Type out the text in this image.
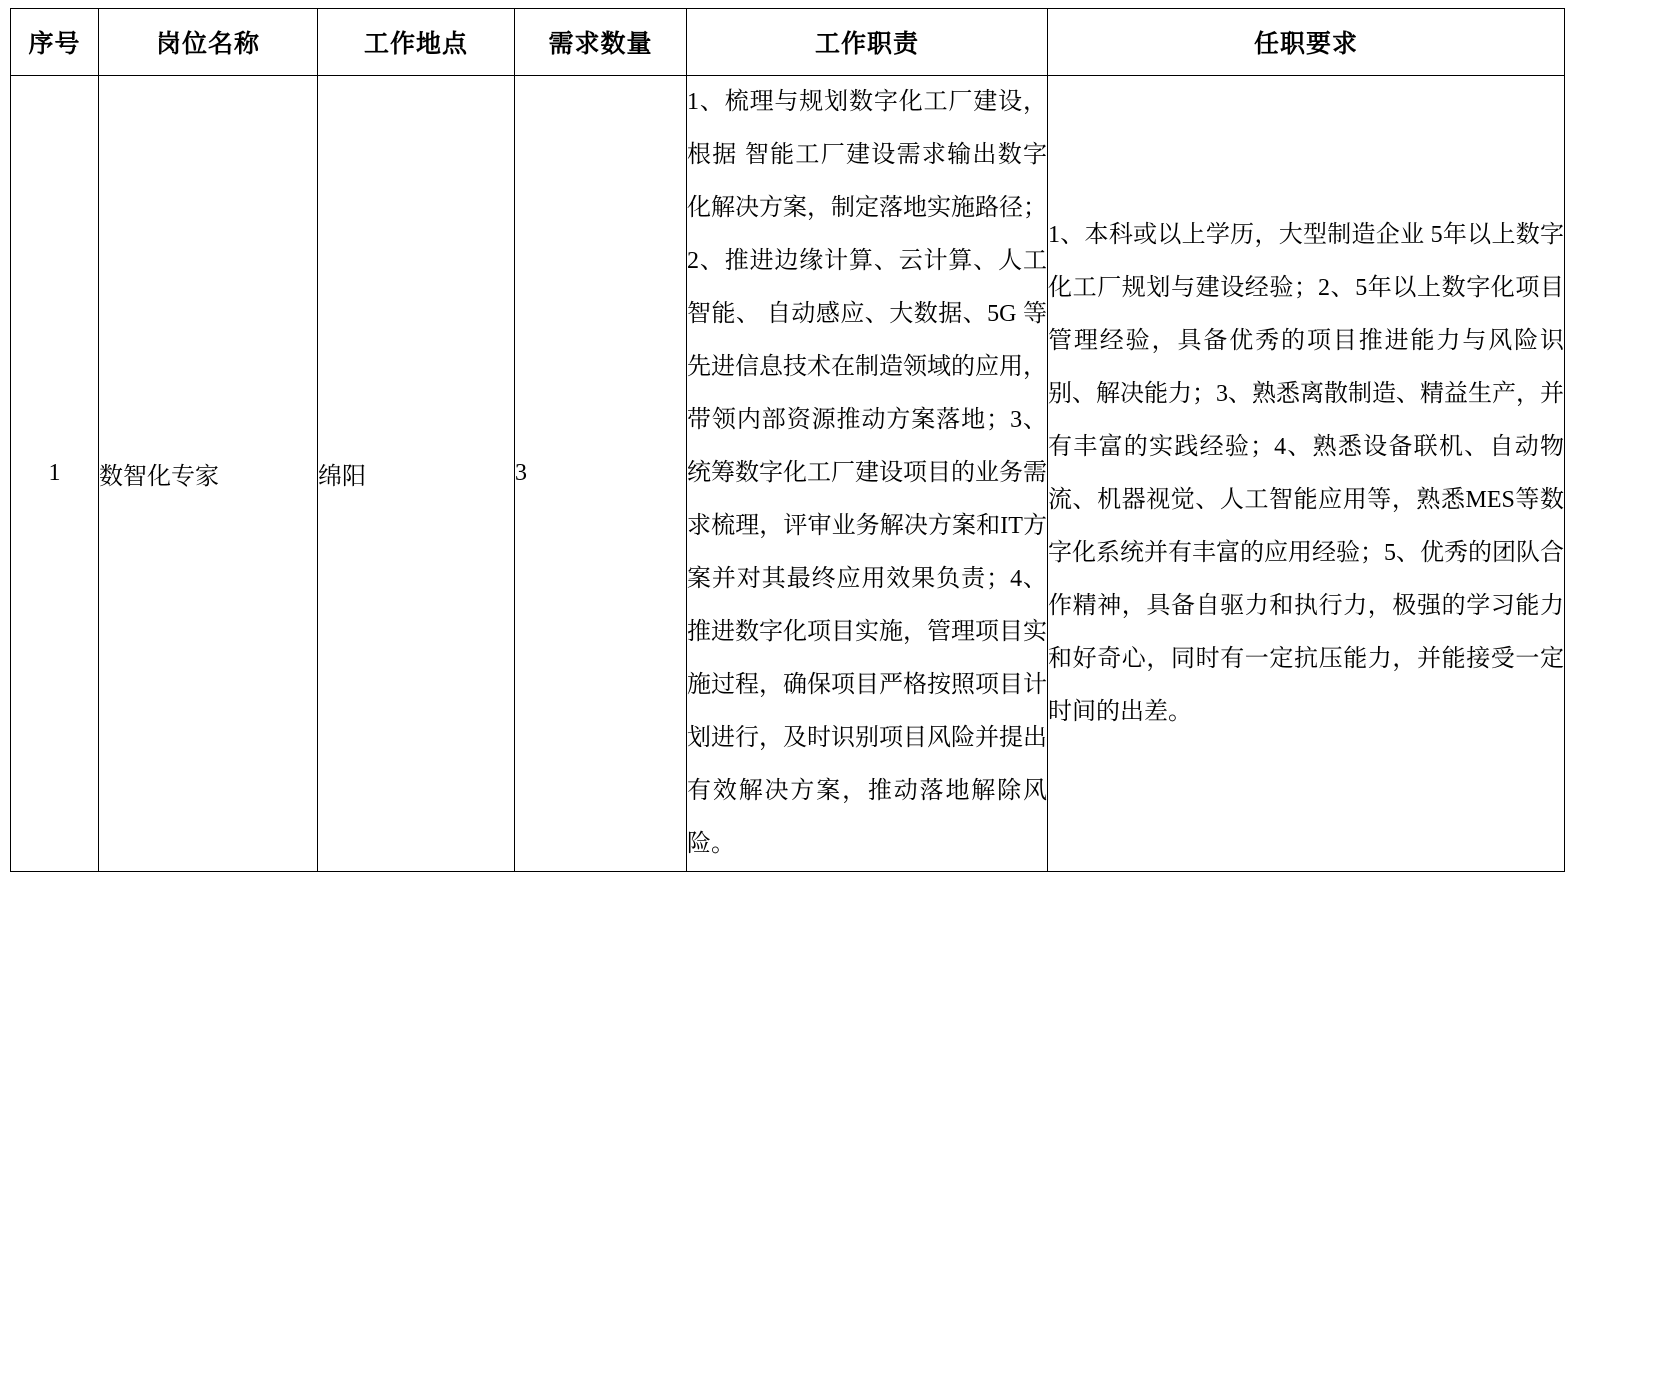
序号	岗位名称	工作地点	需求数量	工作职责	任职要求
1	数智化专家	绵阳	3	1、梳理与规划数字化工厂建设，根据 智能工厂建设需求输出数字化解决方案，制定落地实施路径；2、推进边缘计算、云计算、人工智能、 自动感应、大数据、5G 等先进信息技术在制造领域的应用，带领内部资源推动方案落地；3、统筹数字化工厂建设项目的业务需求梳理，评审业务解决方案和IT方案并对其最终应用效果负责；4、推进数字化项目实施，管理项目实施过程，确保项目严格按照项目计划进行，及时识别项目风险并提出有效解决方案，推动落地解除风险。	1、本科或以上学历，大型制造企业 5年以上数字化工厂规划与建设经验；2、5年以上数字化项目管理经验，具备优秀的项目推进能力与风险识别、解决能力；3、熟悉离散制造、精益生产，并有丰富的实践经验；4、熟悉设备联机、自动物流、机器视觉、人工智能应用等，熟悉MES等数字化系统并有丰富的应用经验；5、优秀的团队合作精神，具备自驱力和执行力，极强的学习能力和好奇心，同时有一定抗压能力，并能接受一定时间的出差。
